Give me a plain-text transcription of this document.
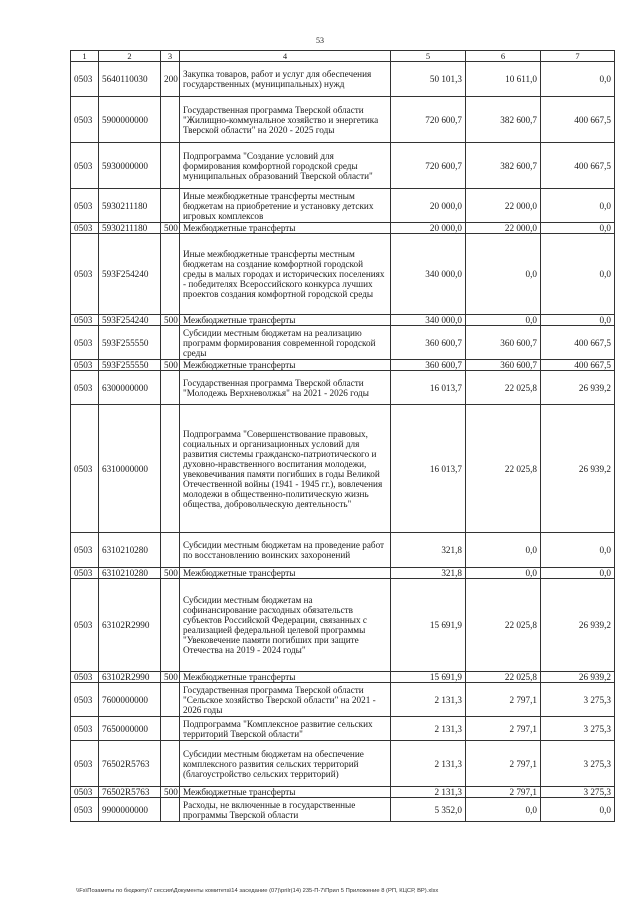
53
1	2	3	4	5	6	7
0503	5640110030	200	Закупка товаров, работ и услуг для обеспечения государственных (муниципальных) нужд	50 101,3	10 611,0	0,0
0503	5900000000		Государственная программа Тверской области "Жилищно-коммунальное хозяйство и энергетика Тверской области" на 2020 - 2025 годы	720 600,7	382 600,7	400 667,5
0503	5930000000		Подпрограмма "Создание условий для формирования комфортной городской среды муниципальных образований Тверской области"	720 600,7	382 600,7	400 667,5
0503	5930211180		Иные межбюджетные трансферты местным бюджетам на приобретение и установку детских игровых комплексов	20 000,0	22 000,0	0,0
0503	5930211180	500	Межбюджетные трансферты	20 000,0	22 000,0	0,0
0503	593F254240		Иные межбюджетные трансферты местным бюджетам на создание комфортной городской среды в малых городах и исторических поселениях - победителях Всероссийского конкурса лучших проектов создания комфортной городской среды	340 000,0	0,0	0,0
0503	593F254240	500	Межбюджетные трансферты	340 000,0	0,0	0,0
0503	593F255550		Субсидии местным бюджетам на реализацию программ формирования современной городской среды	360 600,7	360 600,7	400 667,5
0503	593F255550	500	Межбюджетные трансферты	360 600,7	360 600,7	400 667,5
0503	6300000000		Государственная программа Тверской области "Молодежь Верхневолжья" на 2021 - 2026 годы	16 013,7	22 025,8	26 939,2
0503	6310000000		Подпрограмма "Совершенствование правовых, социальных и организационных условий для развития системы гражданско-патриотического и духовно-нравственного воспитания молодежи, увековечивания памяти погибших в годы Великой Отечественной войны (1941 - 1945 гг.), вовлечения молодежи в общественно-политическую жизнь общества, добровольческую деятельность"	16 013,7	22 025,8	26 939,2
0503	6310210280		Субсидии местным бюджетам на проведение работ по восстановлению воинских захоронений	321,8	0,0	0,0
0503	6310210280	500	Межбюджетные трансферты	321,8	0,0	0,0
0503	63102R2990		Субсидии местным бюджетам на софинансирование расходных обязательств субъектов Российской Федерации, связанных с реализацией федеральной целевой программы "Увековечение памяти погибших при защите Отечества на 2019 - 2024 годы"	15 691,9	22 025,8	26 939,2
0503	63102R2990	500	Межбюджетные трансферты	15 691,9	22 025,8	26 939,2
0503	7600000000		Государственная программа Тверской области "Сельское хозяйство Тверской области" на 2021 - 2026 годы	2 131,3	2 797,1	3 275,3
0503	7650000000		Подпрограмма "Комплексное развитие сельских территорий Тверской области"	2 131,3	2 797,1	3 275,3
0503	76502R5763		Субсидии местным бюджетам на обеспечение комплексного развития сельских территорий (благоустройство сельских территорий)	2 131,3	2 797,1	3 275,3
0503	76502R5763	500	Межбюджетные трансферты	2 131,3	2 797,1	3 275,3
0503	9900000000		Расходы, не включенные в государственные программы Тверской области	5 352,0	0,0	0,0
\\Fs\Позаметы по бюджету\7 сессия\Документы комитета\14 заседание (07)\prilr(14) 235-П-7\Прил 5 Приложение 8 (РП, КЦСР, ВР).xlsx
